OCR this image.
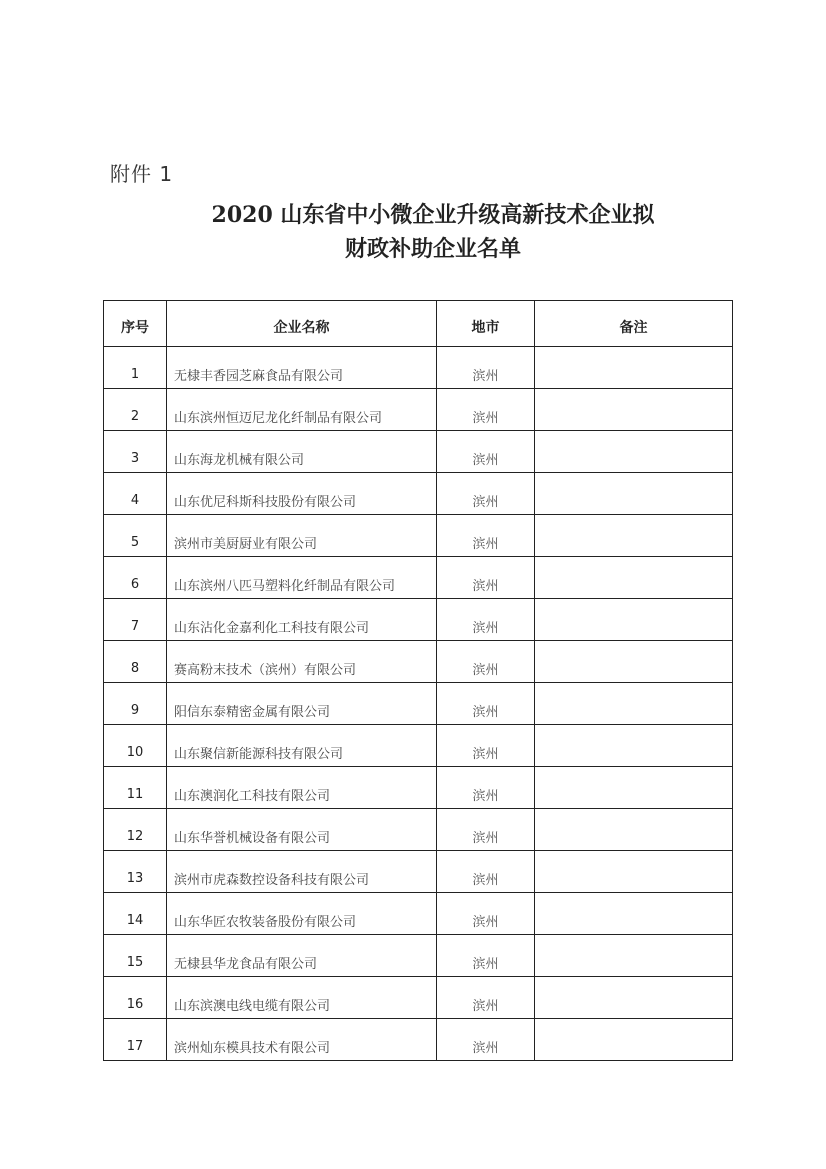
附件 1
2020 山东省中小微企业升级高新技术企业拟
财政补助企业名单
序号	企业名称	地市	备注
1	无棣丰香园芝麻食品有限公司	滨州	
2	山东滨州恒迈尼龙化纤制品有限公司	滨州	
3	山东海龙机械有限公司	滨州	
4	山东优尼科斯科技股份有限公司	滨州	
5	滨州市美厨厨业有限公司	滨州	
6	山东滨州八匹马塑料化纤制品有限公司	滨州	
7	山东沾化金嘉利化工科技有限公司	滨州	
8	赛高粉末技术（滨州）有限公司	滨州	
9	阳信东泰精密金属有限公司	滨州	
10	山东聚信新能源科技有限公司	滨州	
11	山东澳润化工科技有限公司	滨州	
12	山东华誉机械设备有限公司	滨州	
13	滨州市虎森数控设备科技有限公司	滨州	
14	山东华匠农牧装备股份有限公司	滨州	
15	无棣县华龙食品有限公司	滨州	
16	山东滨澳电线电缆有限公司	滨州	
17	滨州灿东模具技术有限公司	滨州	
